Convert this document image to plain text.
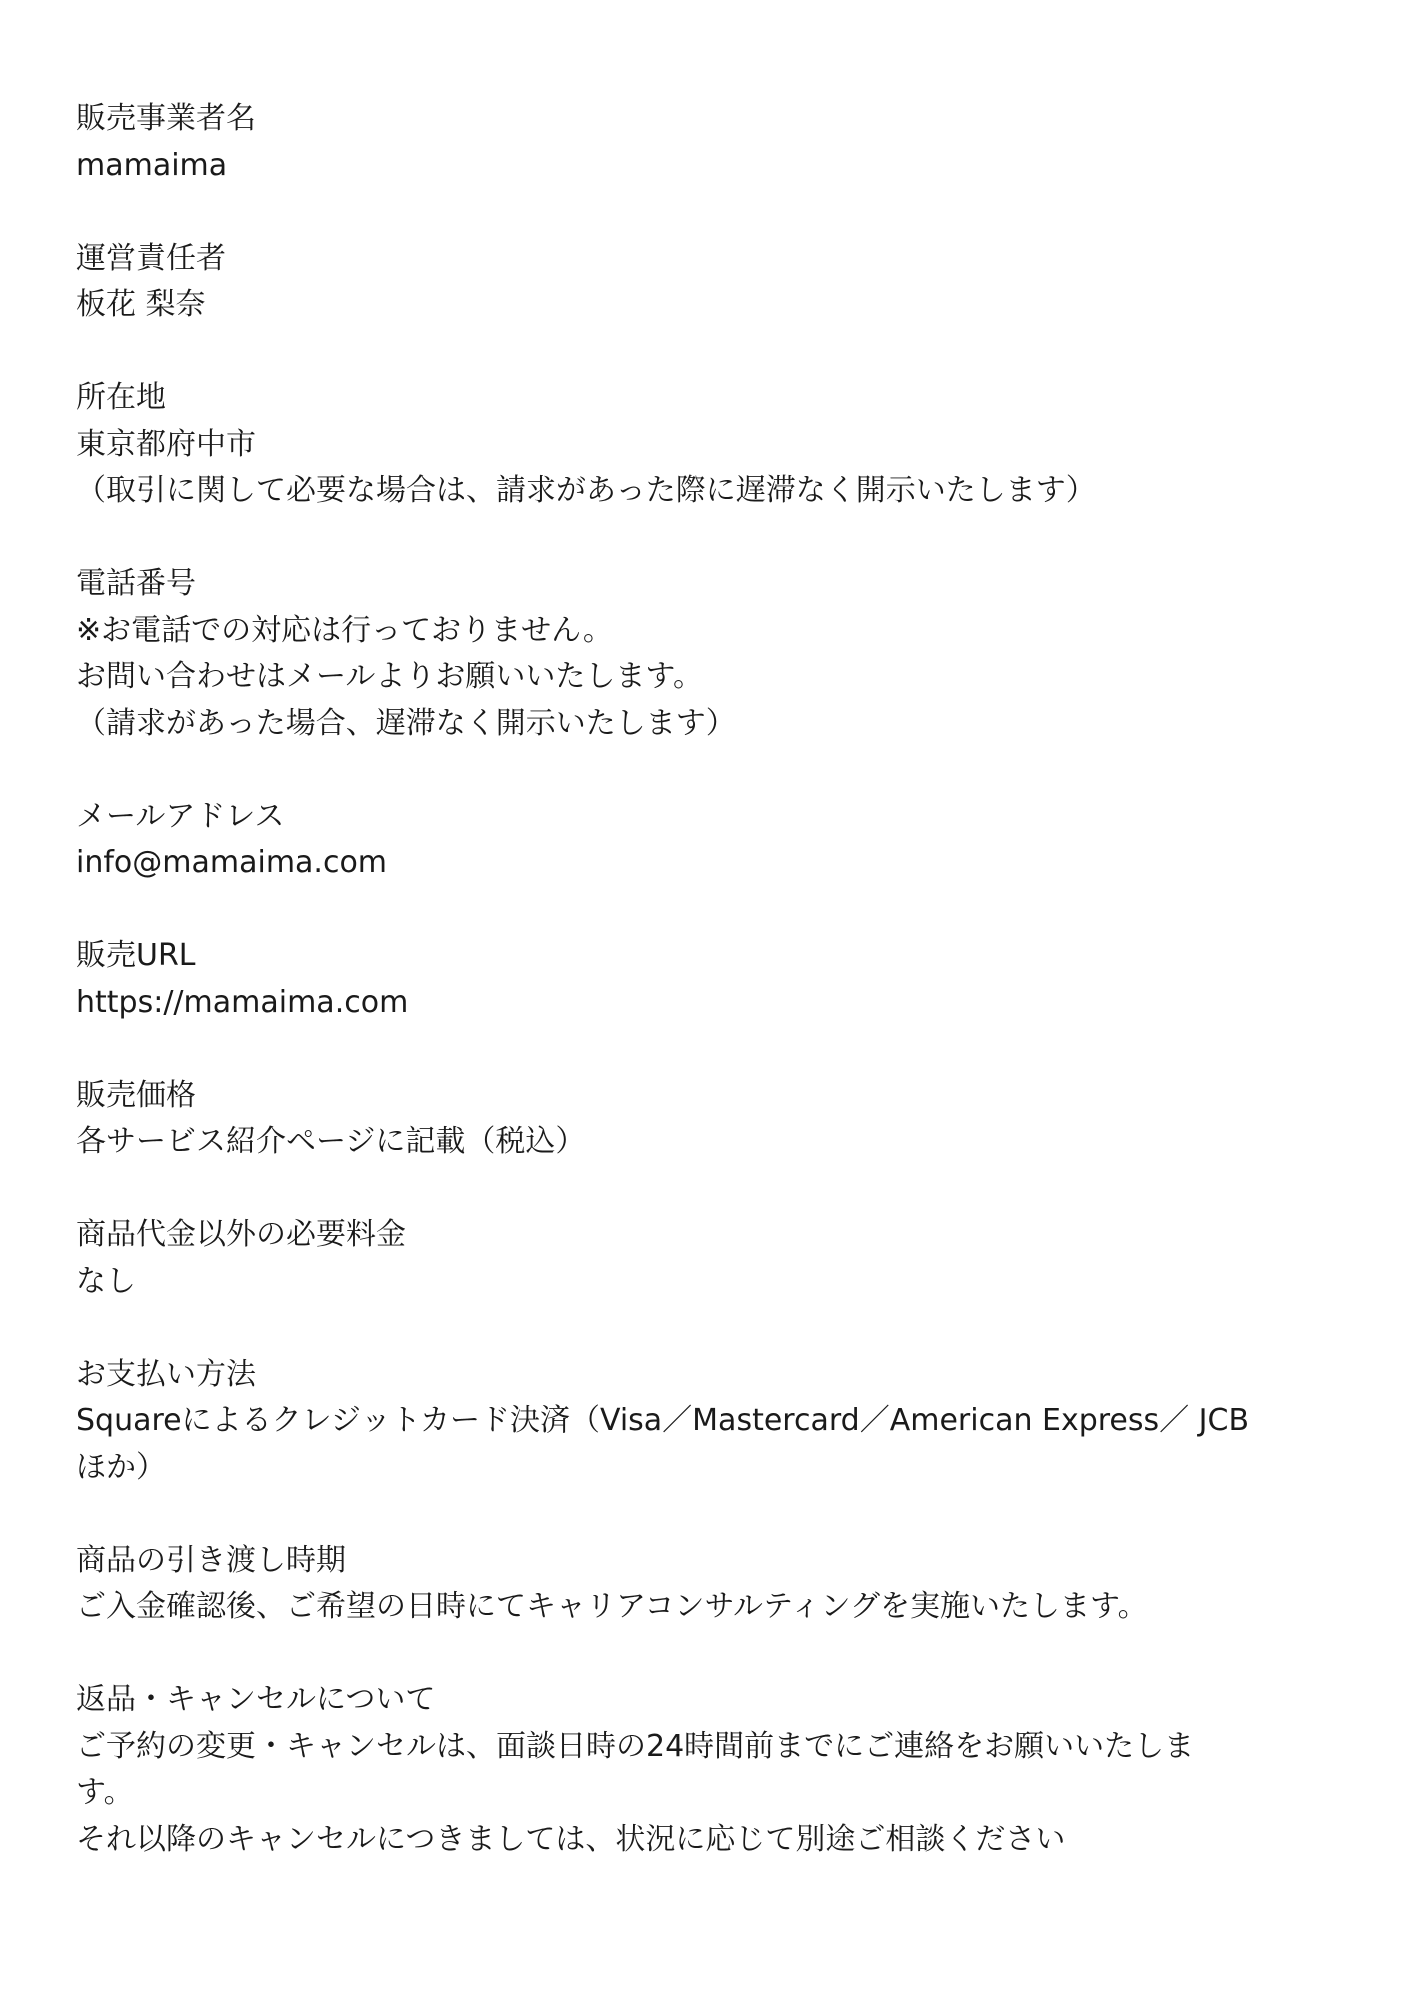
販売事業者名

mamaima

運営責任者

板花 梨奈

所在地

東京都府中市

（取引に関して必要な場合は、請求があった際に遅滞なく開示いたします）

電話番号

※お電話での対応は行っておりません。

お問い合わせはメールよりお願いいたします。

（請求があった場合、遅滞なく開示いたします）

メールアドレス

info@mamaima.com

販売URL

https://mamaima.com

販売価格

各サービス紹介ページに記載（税込）

商品代金以外の必要料金

なし

お支払い方法

Squareによるクレジットカード決済（Visa／Mastercard／American Express／ JCB

ほか）

商品の引き渡し時期

ご入金確認後、ご希望の日時にてキャリアコンサルティングを実施いたします。

返品・キャンセルについて

ご予約の変更・キャンセルは、面談日時の24時間前までにご連絡をお願いいたしま

す。

それ以降のキャンセルにつきましては、状況に応じて別途ご相談ください
